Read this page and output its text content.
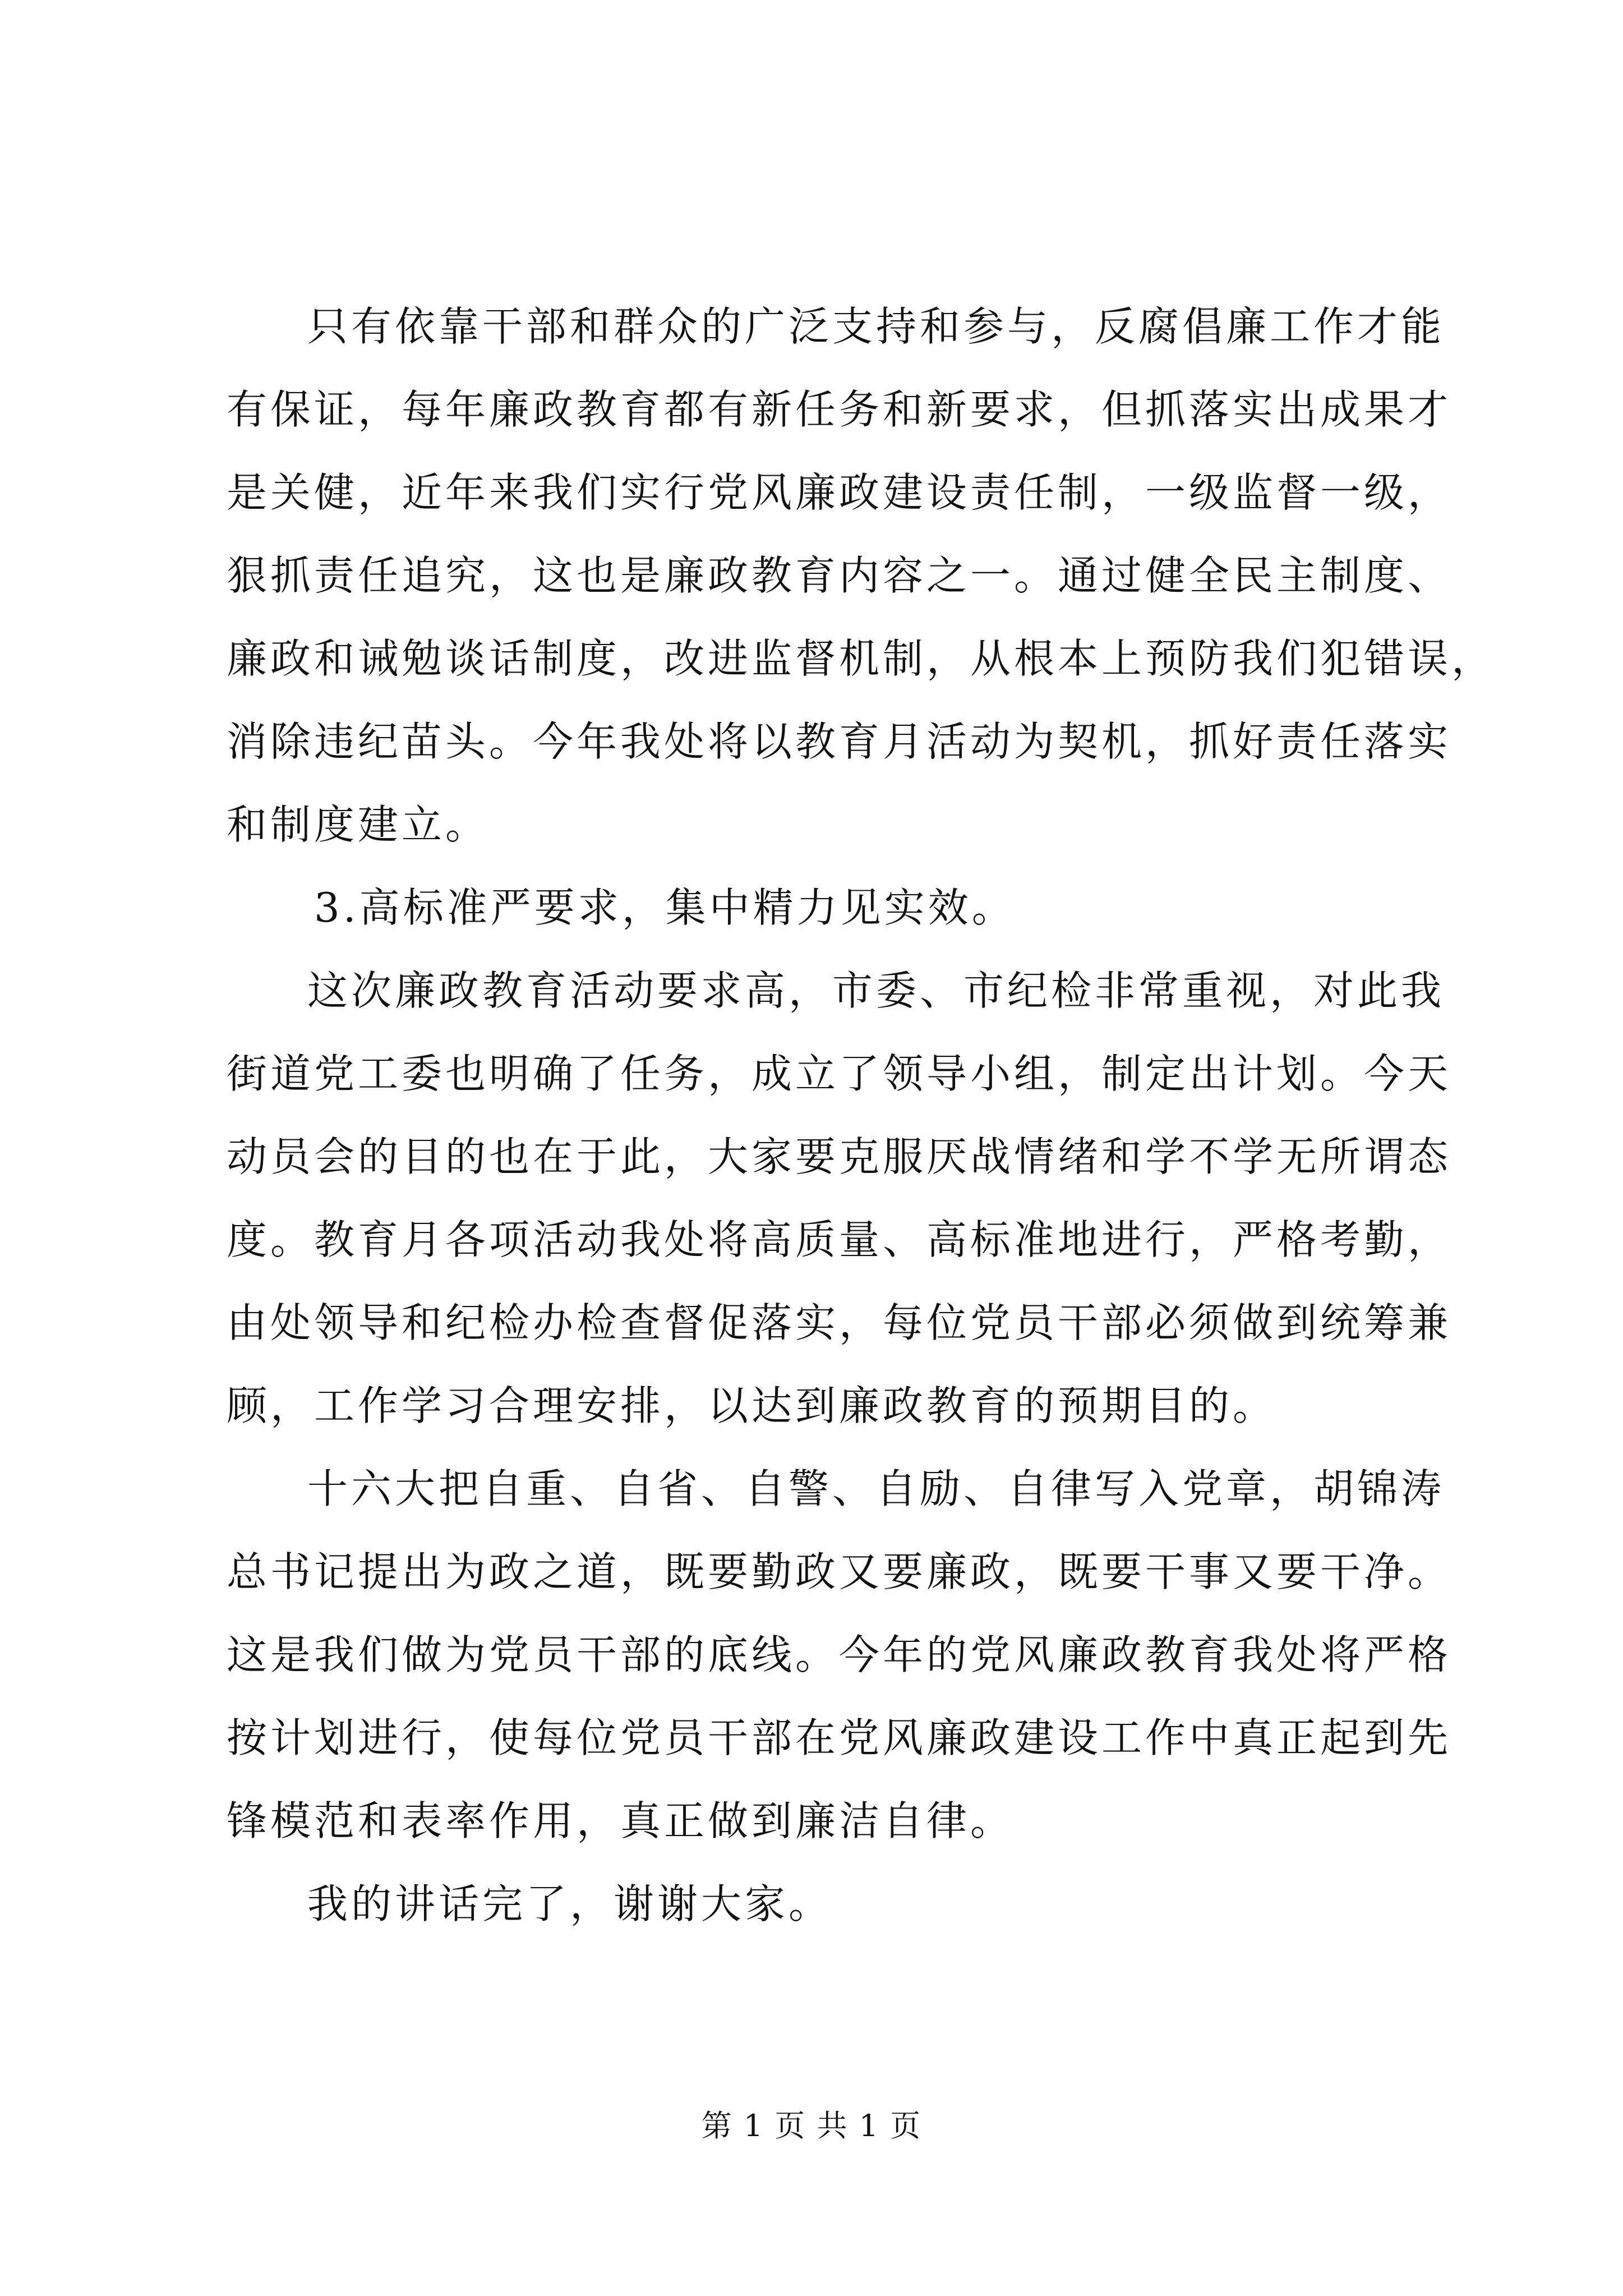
只有依靠干部和群众的广泛支持和参与，反腐倡廉工作才能
有保证，每年廉政教育都有新任务和新要求，但抓落实出成果才
是关健，近年来我们实行党风廉政建设责任制，一级监督一级，
狠抓责任追究，这也是廉政教育内容之一。通过健全民主制度、
廉政和诫勉谈话制度，改进监督机制，从根本上预防我们犯错误，
消除违纪苗头。今年我处将以教育月活动为契机，抓好责任落实
和制度建立。

3.高标准严要求，集中精力见实效。

这次廉政教育活动要求高，市委、市纪检非常重视，对此我
街道党工委也明确了任务，成立了领导小组，制定出计划。今天
动员会的目的也在于此，大家要克服厌战情绪和学不学无所谓态
度。教育月各项活动我处将高质量、高标准地进行，严格考勤，
由处领导和纪检办检查督促落实，每位党员干部必须做到统筹兼
顾，工作学习合理安排，以达到廉政教育的预期目的。

十六大把自重、自省、自警、自励、自律写入党章，胡锦涛
总书记提出为政之道，既要勤政又要廉政，既要干事又要干净。
这是我们做为党员干部的底线。今年的党风廉政教育我处将严格
按计划进行，使每位党员干部在党风廉政建设工作中真正起到先
锋模范和表率作用，真正做到廉洁自律。

我的讲话完了，谢谢大家。

第 1 页 共 1 页
